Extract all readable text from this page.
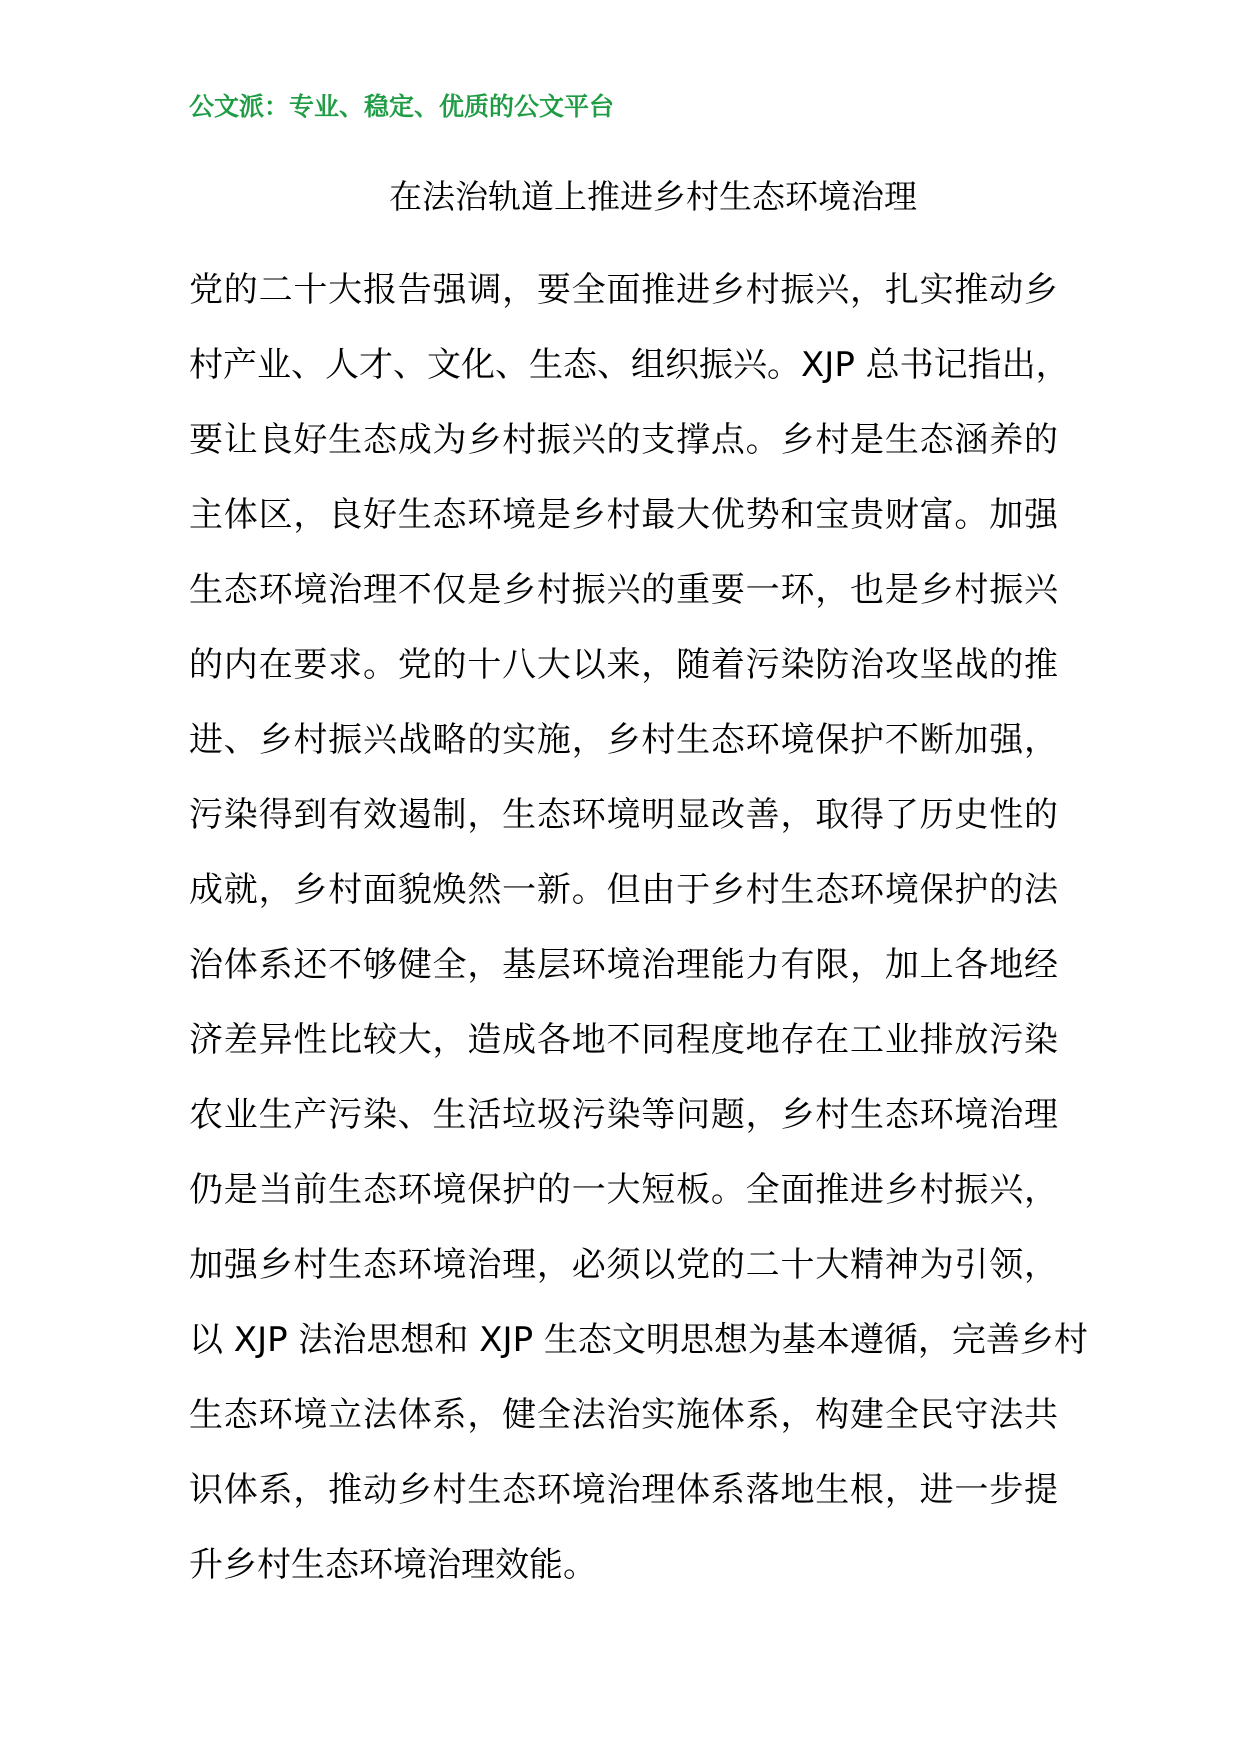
公文派：专业、稳定、优质的公文平台
在法治轨道上推进乡村生态环境治理
党的二十大报告强调，要全面推进乡村振兴，扎实推动乡
村产业、人才、文化、生态、组织振兴。XJP 总书记指出，
要让良好生态成为乡村振兴的支撑点。乡村是生态涵养的
主体区，良好生态环境是乡村最大优势和宝贵财富。加强
生态环境治理不仅是乡村振兴的重要一环，也是乡村振兴
的内在要求。党的十八大以来，随着污染防治攻坚战的推
进、乡村振兴战略的实施，乡村生态环境保护不断加强，
污染得到有效遏制，生态环境明显改善，取得了历史性的
成就，乡村面貌焕然一新。但由于乡村生态环境保护的法
治体系还不够健全，基层环境治理能力有限，加上各地经
济差异性比较大，造成各地不同程度地存在工业排放污染
农业生产污染、生活垃圾污染等问题，乡村生态环境治理
仍是当前生态环境保护的一大短板。全面推进乡村振兴，
加强乡村生态环境治理，必须以党的二十大精神为引领，
以 XJP 法治思想和 XJP 生态文明思想为基本遵循，完善乡村
生态环境立法体系，健全法治实施体系，构建全民守法共
识体系，推动乡村生态环境治理体系落地生根，进一步提
升乡村生态环境治理效能。
